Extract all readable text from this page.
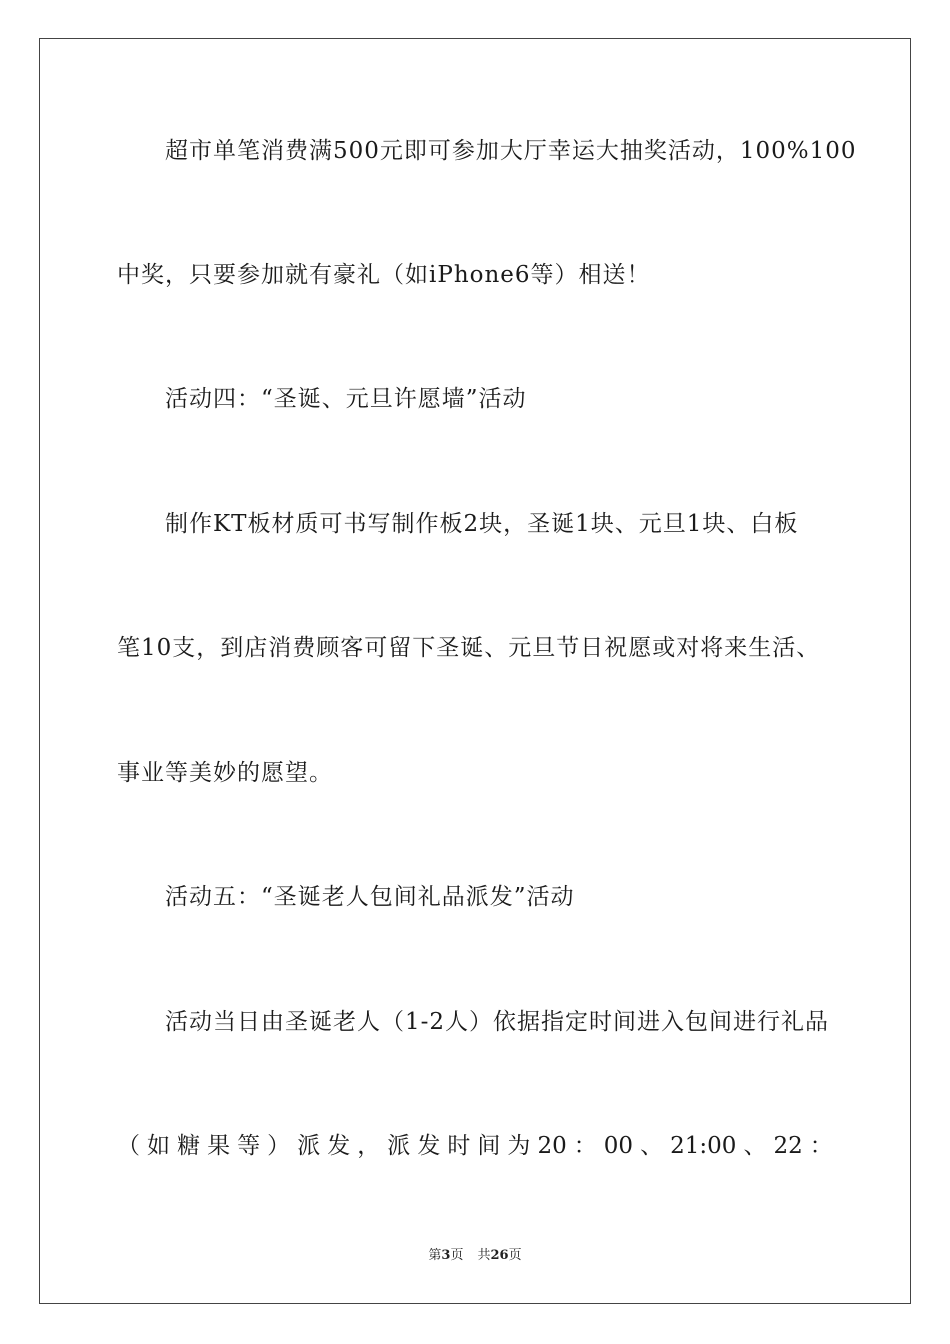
超市单笔消费满500元即可参加大厅幸运大抽奖活动，100%100
中奖，只要参加就有豪礼（如iPhone6等）相送！
活动四：“圣诞、元旦许愿墙”活动
制作KT板材质可书写制作板2块，圣诞1块、元旦1块、白板
笔10支，到店消费顾客可留下圣诞、元旦节日祝愿或对将来生活、
事业等美妙的愿望。
活动五：“圣诞老人包间礼品派发”活动
活动当日由圣诞老人（1-2人）依据指定时间进入包间进行礼品
（ 如 糖 果 等 ） 派 发 ， 派 发 时 间 为 20 ： 00 、 21:00 、 22 ：
第3页 共26页
